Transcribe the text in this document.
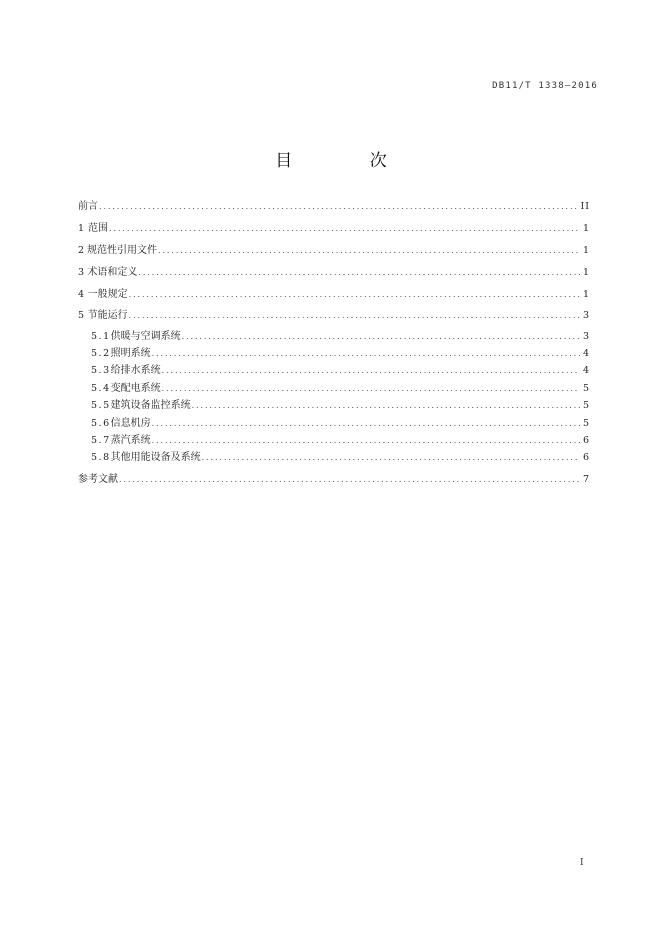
DB11/T 1338—2016
目 次
前言 .....	II
1 范围 .....	1
2 规范性引用文件 .....	1
3 术语和定义 .....	1
4 一般规定 .....	1
5 节能运行 .....	3
5.1 供暖与空调系统 .....	3
5.2 照明系统 .....	4
5.3 给排水系统 .....	4
5.4 变配电系统 .....	5
5.5 建筑设备监控系统 .....	5
5.6 信息机房 .....	5
5.7 蒸汽系统 .....	6
5.8 其他用能设备及系统 .....	6
参考文献 .....	7
I
